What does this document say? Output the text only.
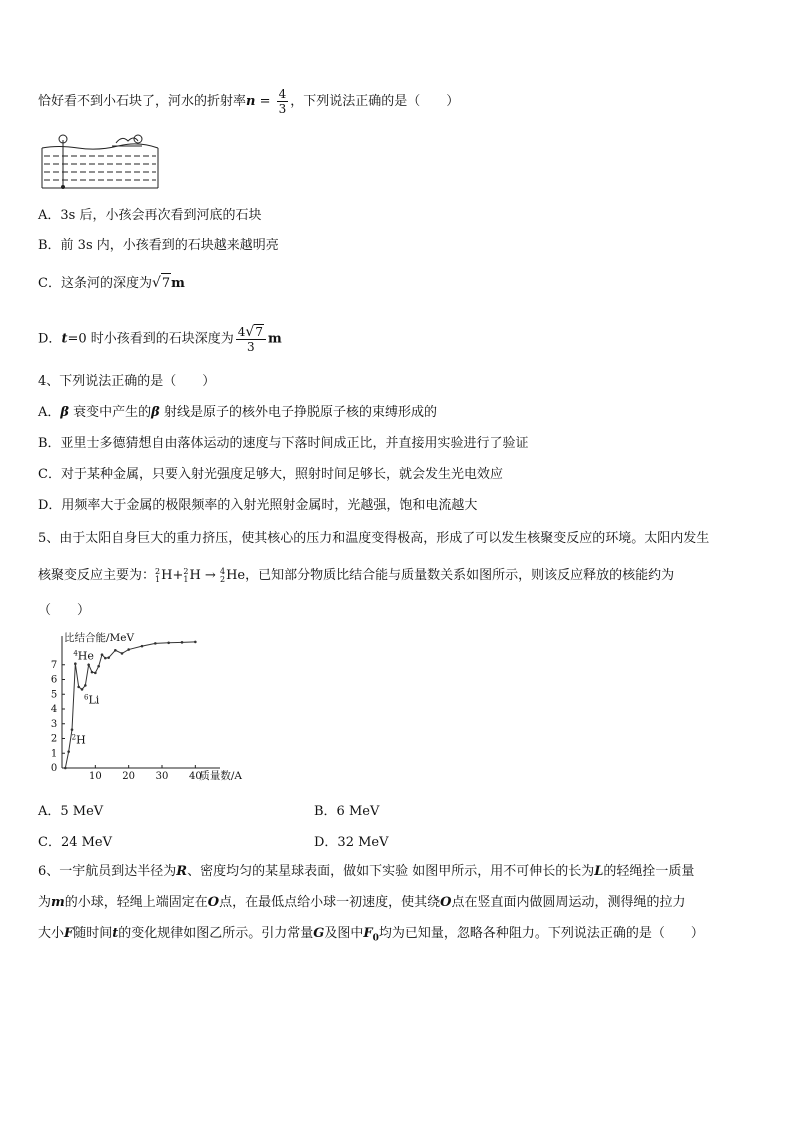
恰好看不到小石块了，河水的折射率$n = \frac{4}{3}$ ，下列说法正确的是（　　）
A．3s 后，小孩会再次看到河底的石块
B．前 3s 内，小孩看到的石块越来越明亮
C．这条河的深度为√7m
D．t=0 时小孩看到的石块深度为 $\frac{4√7}{3}$ m
4、下列说法正确的是（　　）
A．β 衰变中产生的β 射线是原子的核外电子挣脱原子核的束缚形成的
B．亚里士多德猜想自由落体运动的速度与下落时间成正比，并直接用实验进行了验证
C．对于某种金属，只要入射光强度足够大，照射时间足够长，就会发生光电效应
D．用频率大于金属的极限频率的入射光照射金属时，光越强，饱和电流越大
5、由于太阳自身巨大的重力挤压，使其核心的压力和温度变得极高，形成了可以发生核聚变反应的环境。太阳内发生
核聚变反应主要为：2
1H+2
1H → 4
2He，已知部分物质比结合能与质量数关系如图所示，则该反应释放的核能约为
（　　）
0
1
2
3
4
5
6
7
10 20 30 40
比结合能/MeV
质量数/A
$^4$He
$^6$Li
$^2$H
A．5 MeV	B．6 MeV
C．24 MeV	D．32 MeV
6、一宇航员到达半径为R、密度均匀的某星球表面，做如下实验 如图甲所示，用不可伸长的长为L的轻绳拴一质量
为m的小球，轻绳上端固定在O点，在最低点给小球一初速度，使其绕O点在竖直面内做圆周运动，测得绳的拉力
大小F随时间t的变化规律如图乙所示。引力常量G及图中$F_0$均为已知量，忽略各种阻力。下列说法正确的是（　　）
